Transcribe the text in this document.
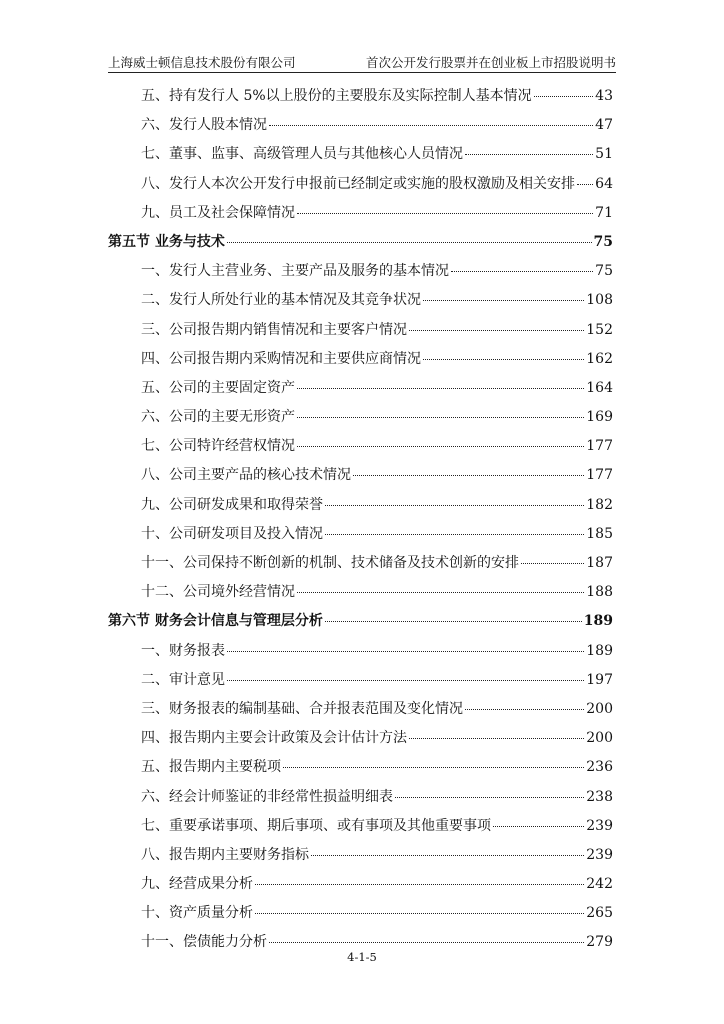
上海威士顿信息技术股份有限公司	首次公开发行股票并在创业板上市招股说明书
五、持有发行人 5%以上股份的主要股东及实际控制人基本情况	43
六、发行人股本情况	47
七、董事、监事、高级管理人员与其他核心人员情况	51
八、发行人本次公开发行申报前已经制定或实施的股权激励及相关安排 64
九、员工及社会保障情况	71
第五节 业务与技术	75
一、发行人主营业务、主要产品及服务的基本情况	75
二、发行人所处行业的基本情况及其竞争状况	108
三、公司报告期内销售情况和主要客户情况	152
四、公司报告期内采购情况和主要供应商情况	162
五、公司的主要固定资产	164
六、公司的主要无形资产	169
七、公司特许经营权情况	177
八、公司主要产品的核心技术情况	177
九、公司研发成果和取得荣誉	182
十、公司研发项目及投入情况	185
十一、公司保持不断创新的机制、技术储备及技术创新的安排	187
十二、公司境外经营情况	188
第六节 财务会计信息与管理层分析	189
一、财务报表	189
二、审计意见	197
三、财务报表的编制基础、合并报表范围及变化情况	200
四、报告期内主要会计政策及会计估计方法	200
五、报告期内主要税项	236
六、经会计师鉴证的非经常性损益明细表	238
七、重要承诺事项、期后事项、或有事项及其他重要事项	239
八、报告期内主要财务指标	239
九、经营成果分析	242
十、资产质量分析	265
十一、偿债能力分析	279
4-1-5
